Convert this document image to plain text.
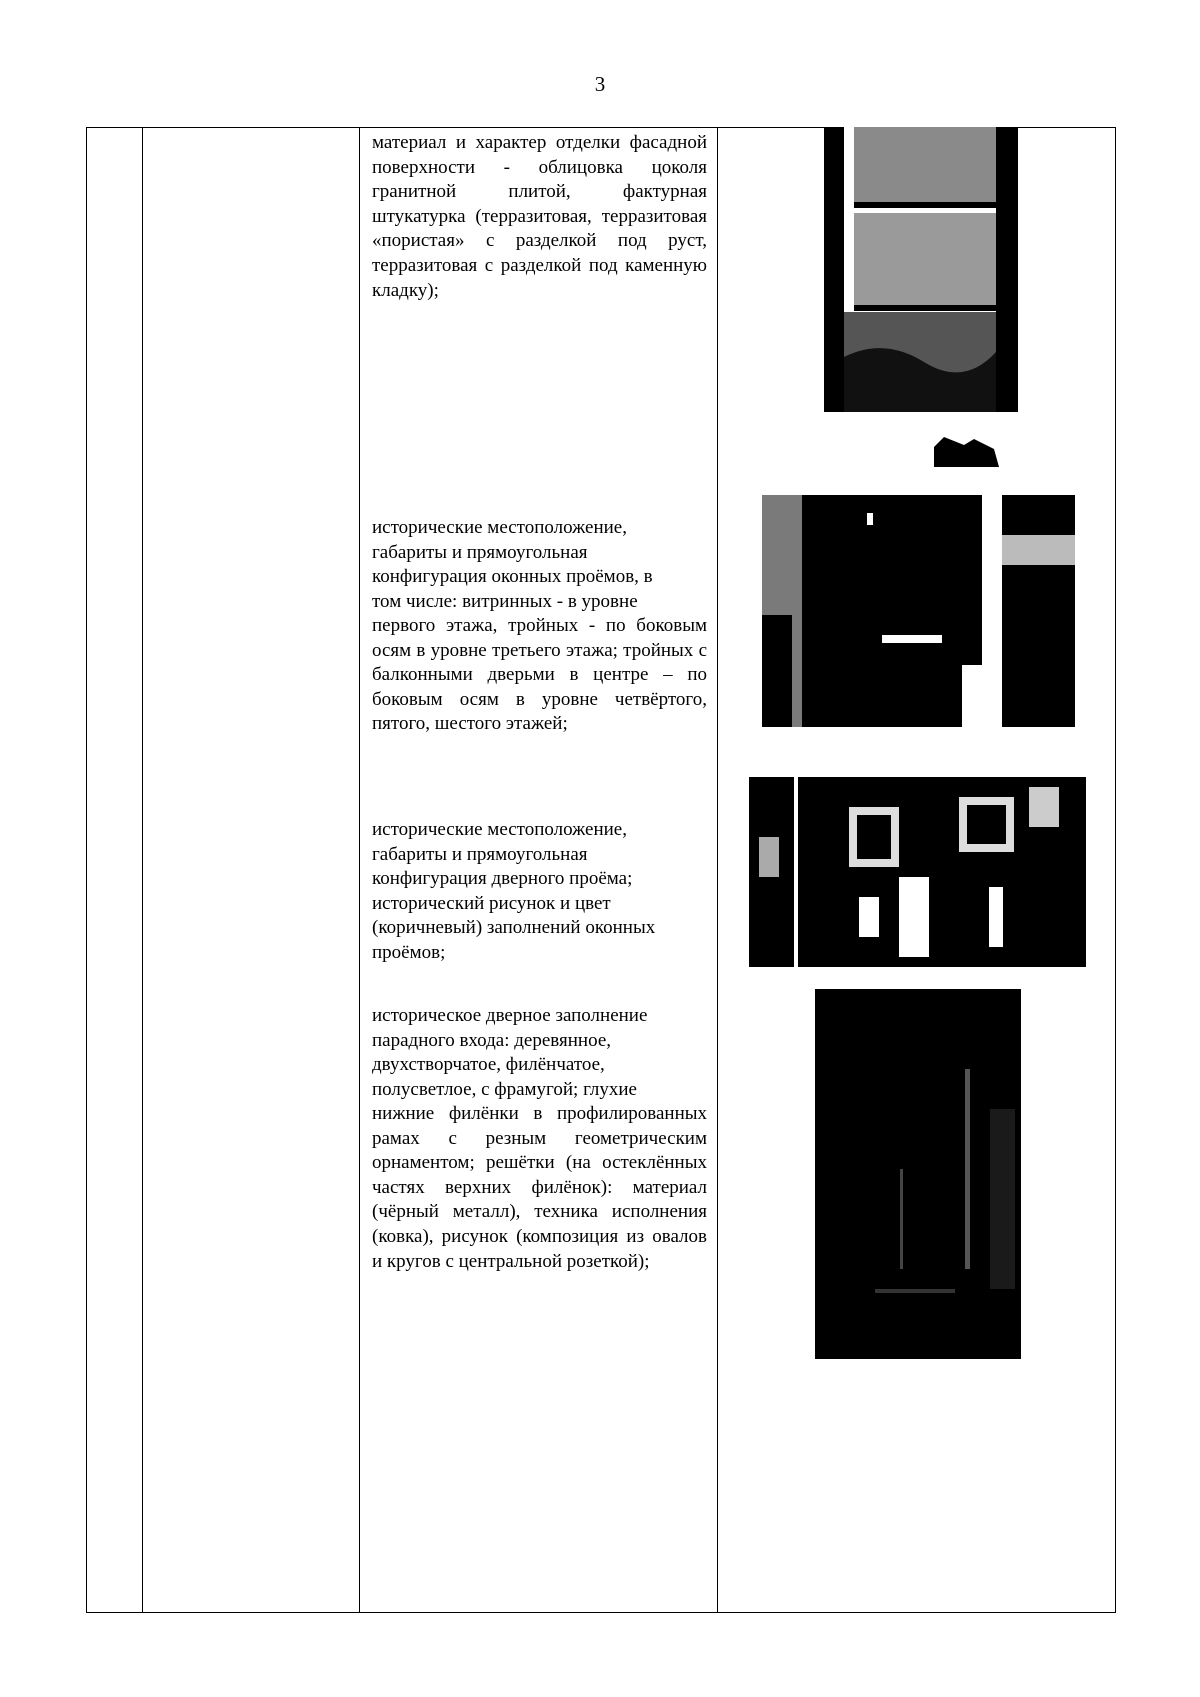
3
материал и характер отделки фасадной поверхности - облицовка цоколя гранитной плитой, фактурная штукатурка (терразитовая, терразитовая «пористая» с разделкой под руст, терразитовая с разделкой под каменную кладку);
исторические местоположение,
габариты и прямоугольная
конфигурация оконных проёмов, в
том числе: витринных - в уровне
первого этажа, тройных - по боковым осям в уровне третьего этажа; тройных с балконными дверьми в центре – по боковым осям в уровне четвёртого, пятого, шестого этажей;
исторические местоположение,
габариты и прямоугольная
конфигурация дверного проёма;
исторический рисунок и цвет
(коричневый) заполнений оконных
проёмов;
историческое дверное заполнение
парадного входа: деревянное,
двухстворчатое, филёнчатое,
полусветлое, с фрамугой; глухие
нижние филёнки в профилированных рамах с резным геометрическим орнаментом; решётки (на остеклённых частях верхних филёнок): материал (чёрный металл), техника исполнения (ковка), рисунок (композиция из овалов и кругов с центральной розеткой);
